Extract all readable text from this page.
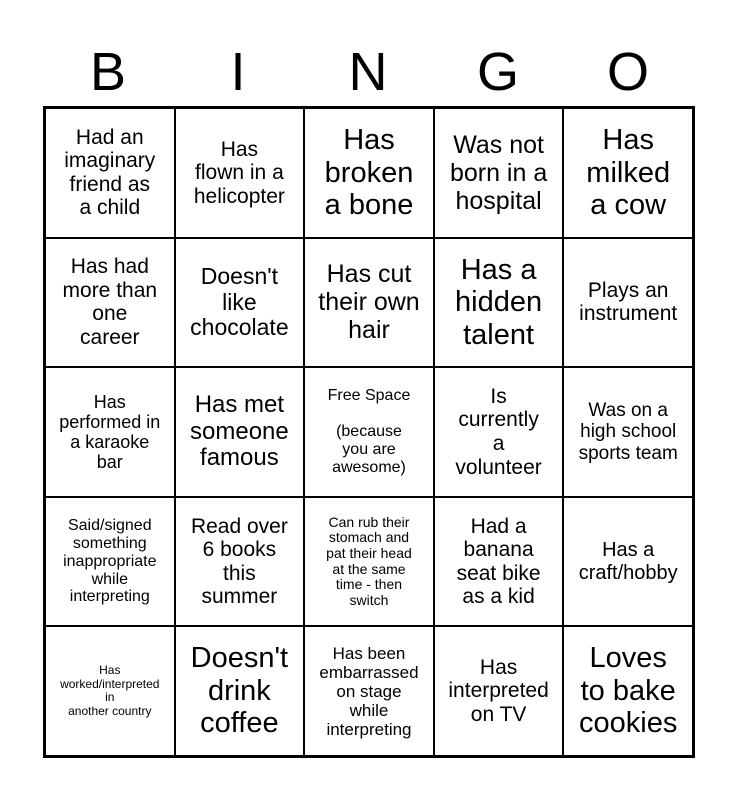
B	I	N	G	O
Had an
imaginary
friend as
a child
Has
flown in a
helicopter
Has
broken
a bone
Was not
born in a
hospital
Has
milked
a cow
Has had
more than
one
career
Doesn't
like
chocolate
Has cut
their own
hair
Has a
hidden
talent
Plays an
instrument
Has
performed in
a karaoke
bar
Has met
someone
famous
Free Space

(because
you are
awesome)
Is
currently
a
volunteer
Was on a
high school
sports team
Said/signed
something
inappropriate
while
interpreting
Read over
6 books
this
summer
Can rub their
stomach and
pat their head
at the same
time - then
switch
Had a
banana
seat bike
as a kid
Has a
craft/hobby
Has
worked/interpreted
in
another country
Doesn't
drink
coffee
Has been
embarrassed
on stage
while
interpreting
Has
interpreted
on TV
Loves
to bake
cookies
